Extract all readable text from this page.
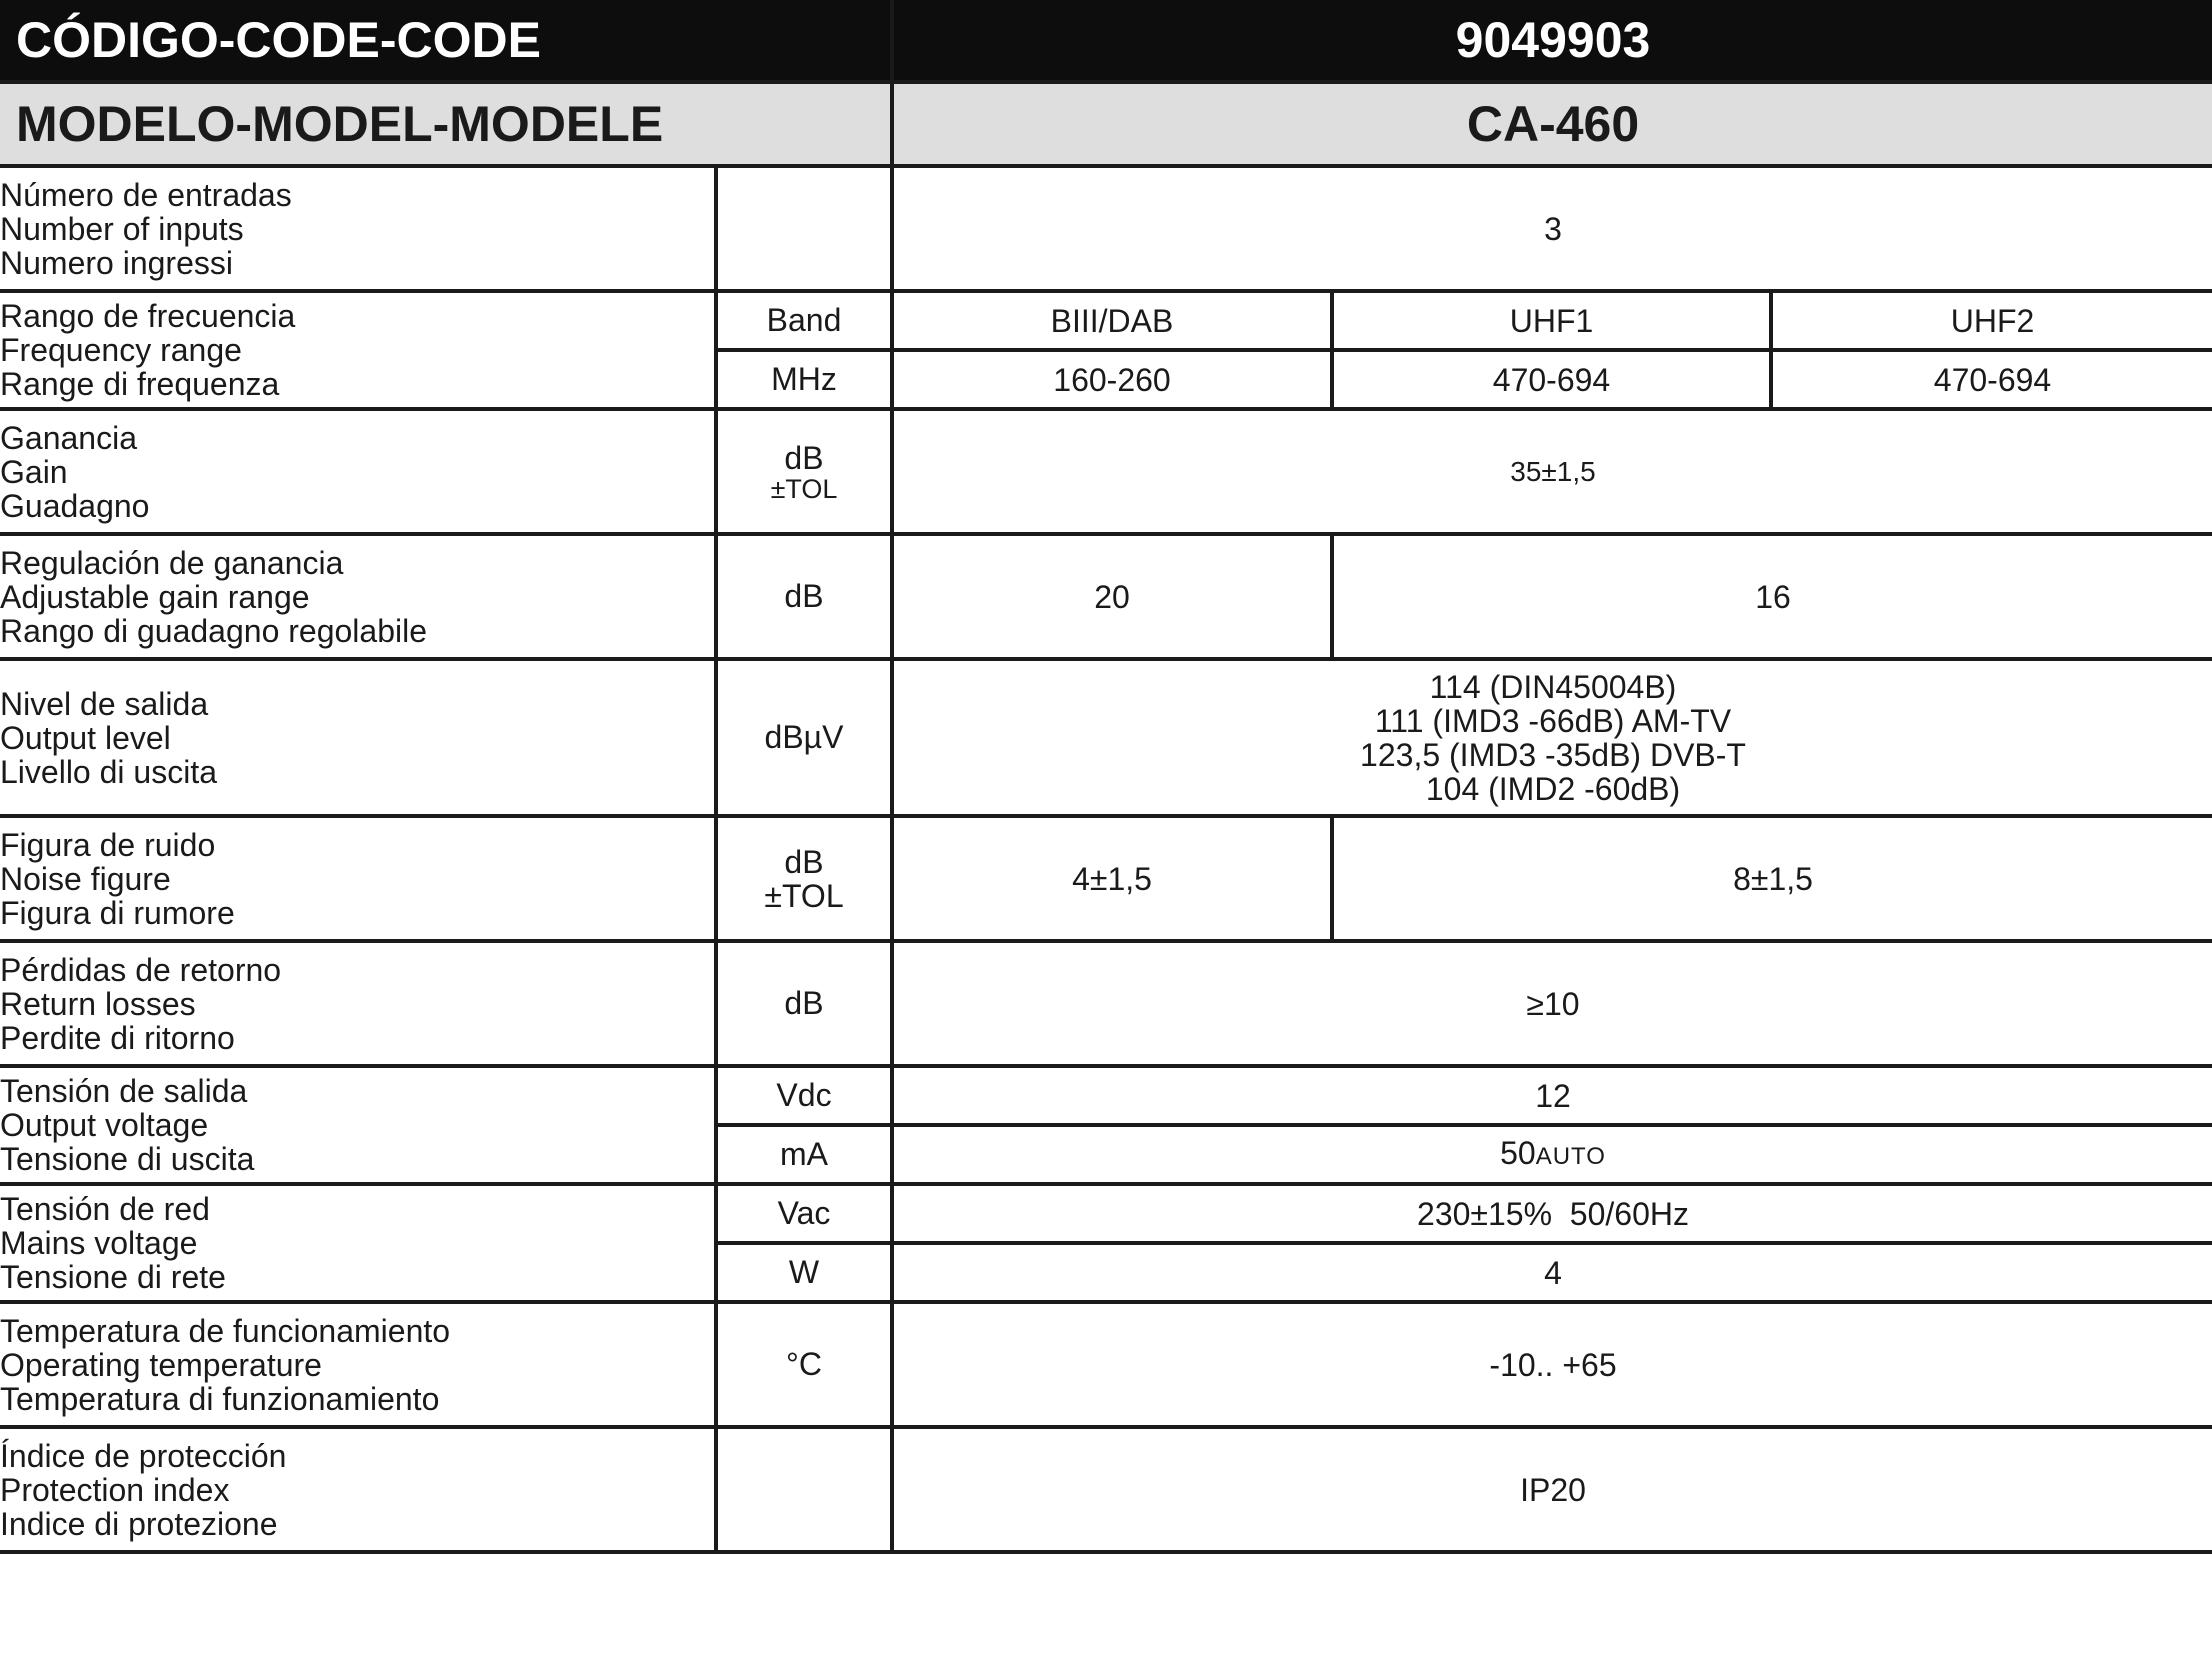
CÓDIGO-CODE-CODE		9049903		
MODELO-MODEL-MODELE		CA-460		

Número de entradas
Number of inputs
Numero ingressi		3		

Rango de frecuencia
Frequency range
Range di frequenza	Band	BIII/DAB	UHF1	UHF2
	MHz	160-260	470-694	470-694

Ganancia
Gain
Guadagno	dB
±TOL	35±1,5		

Regulación de ganancia
Adjustable gain range
Rango di guadagno regolabile	dB	20	16	

Nivel de salida
Output level
Livello di uscita	dBµV	114 (DIN45004B)
111 (IMD3 -66dB) AM-TV
123,5 (IMD3 -35dB) DVB-T
104 (IMD2 -60dB)		

Figura de ruido
Noise figure
Figura di rumore	dB
±TOL	4±1,5	8±1,5	

Pérdidas de retorno
Return losses
Perdite di ritorno	dB	≥10		

Tensión de salida
Output voltage
Tensione di uscita	Vdc	12		
	mA	50AUTO		

Tensión de red
Mains voltage
Tensione di rete	Vac	230±15%  50/60Hz		
	W	4		

Temperatura de funcionamiento
Operating temperature
Temperatura di funzionamiento	°C	-10.. +65		

Índice de protección
Protection index
Indice di protezione		IP20		
